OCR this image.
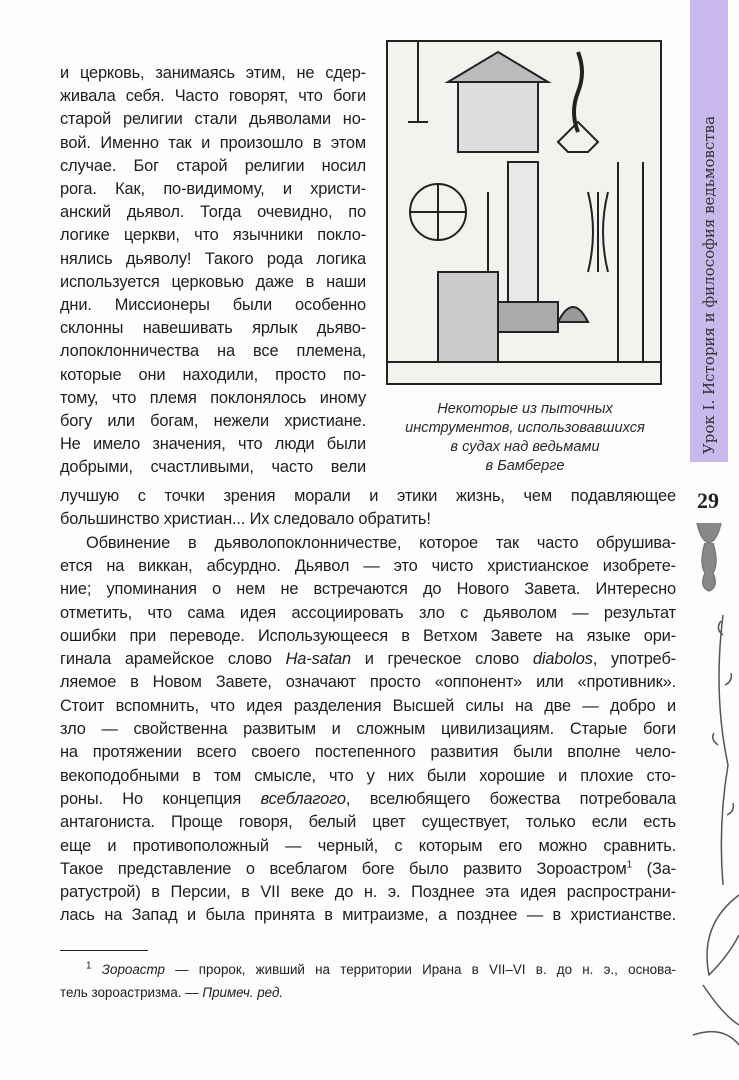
Урок I. История и философия ведьмовства
Некоторые из пыточных
инструментов, использовавшихся
в судах над ведьмами
в Бамберге
29
и церковь, занимаясь этим, не сдер-
живала себя. Часто говорят, что боги
старой религии стали дьяволами но-
вой. Именно так и произошло в этом
случае. Бог старой религии носил
рога. Как, по-видимому, и христи-
анский дьявол. Тогда очевидно, по
логике церкви, что язычники покло-
нялись дьяволу! Такого рода логика
используется церковью даже в наши
дни. Миссионеры были особенно
склонны навешивать ярлык дьяво-
лопоклонничества на все племена,
которые они находили, просто по-
тому, что племя поклонялось иному
богу или богам, нежели христиане.
Не имело значения, что люди были
добрыми, счастливыми, часто вели
лучшую с точки зрения морали и этики жизнь, чем подавляющее
большинство христиан... Их следовало обратить!
Обвинение в дьяволопоклонничестве, которое так часто обрушива-
ется на виккан, абсурдно. Дьявол — это чисто христианское изобрете-
ние; упоминания о нем не встречаются до Нового Завета. Интересно
отметить, что сама идея ассоциировать зло с дьяволом — результат
ошибки при переводе. Использующееся в Ветхом Завете на языке ори-
гинала арамейское слово Ha-satan и греческое слово diabolos, употреб-
ляемое в Новом Завете, означают просто «оппонент» или «противник».
Стоит вспомнить, что идея разделения Высшей силы на две — добро и
зло — свойственна развитым и сложным цивилизациям. Старые боги
на протяжении всего своего постепенного развития были вполне чело-
векоподобными в том смысле, что у них были хорошие и плохие сто-
роны. Но концепция всеблагого, вселюбящего божества потребовала
антагониста. Проще говоря, белый цвет существует, только если есть
еще и противоположный — черный, с которым его можно сравнить.
Такое представление о всеблагом боге было развито Зороастром$^1$ (За-
ратустрой) в Персии, в VII веке до н. э. Позднее эта идея распространи-
лась на Запад и была принята в митраизме, а позднее — в христианстве.
$^1$ Зороастр — пророк, живший на территории Ирана в VII–VI в. до н. э., основа-
тель зороастризма. — Примеч. ред.
